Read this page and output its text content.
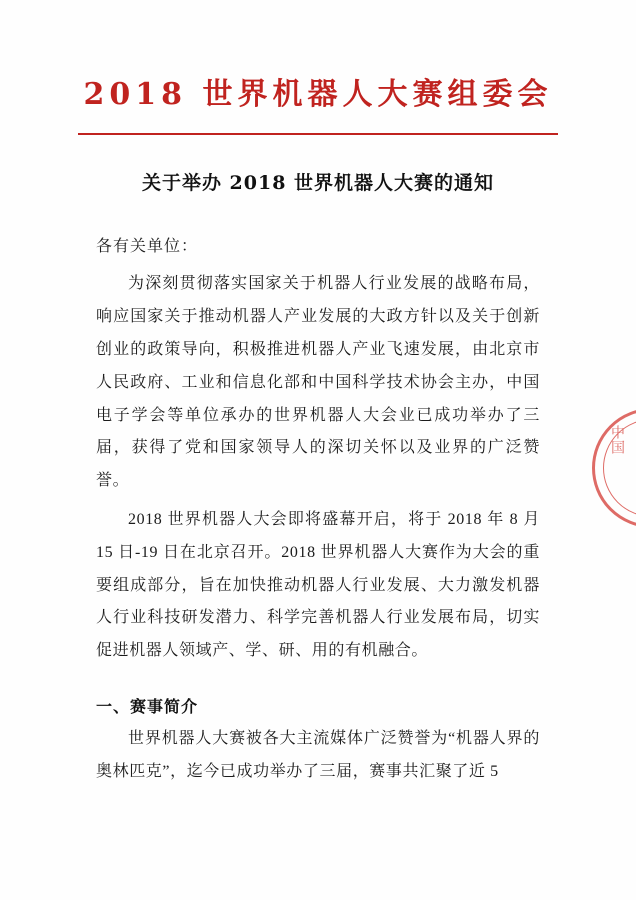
2018 世界机器人大赛组委会
关于举办 2018 世界机器人大赛的通知
各有关单位：

为深刻贯彻落实国家关于机器人行业发展的战略布局，响应国家关于推动机器人产业发展的大政方针以及关于创新创业的政策导向，积极推进机器人产业飞速发展，由北京市人民政府、工业和信息化部和中国科学技术协会主办，中国电子学会等单位承办的世界机器人大会业已成功举办了三届，获得了党和国家领导人的深切关怀以及业界的广泛赞誉。

2018 世界机器人大会即将盛幕开启，将于 2018 年 8 月 15 日-19 日在北京召开。2018 世界机器人大赛作为大会的重要组成部分，旨在加快推动机器人行业发展、大力激发机器人行业科技研发潜力、科学完善机器人行业发展布局，切实促进机器人领域产、学、研、用的有机融合。

一、赛事简介

世界机器人大赛被各大主流媒体广泛赞誉为“机器人界的奥林匹克”，迄今已成功举办了三届，赛事共汇聚了近 5

中国
